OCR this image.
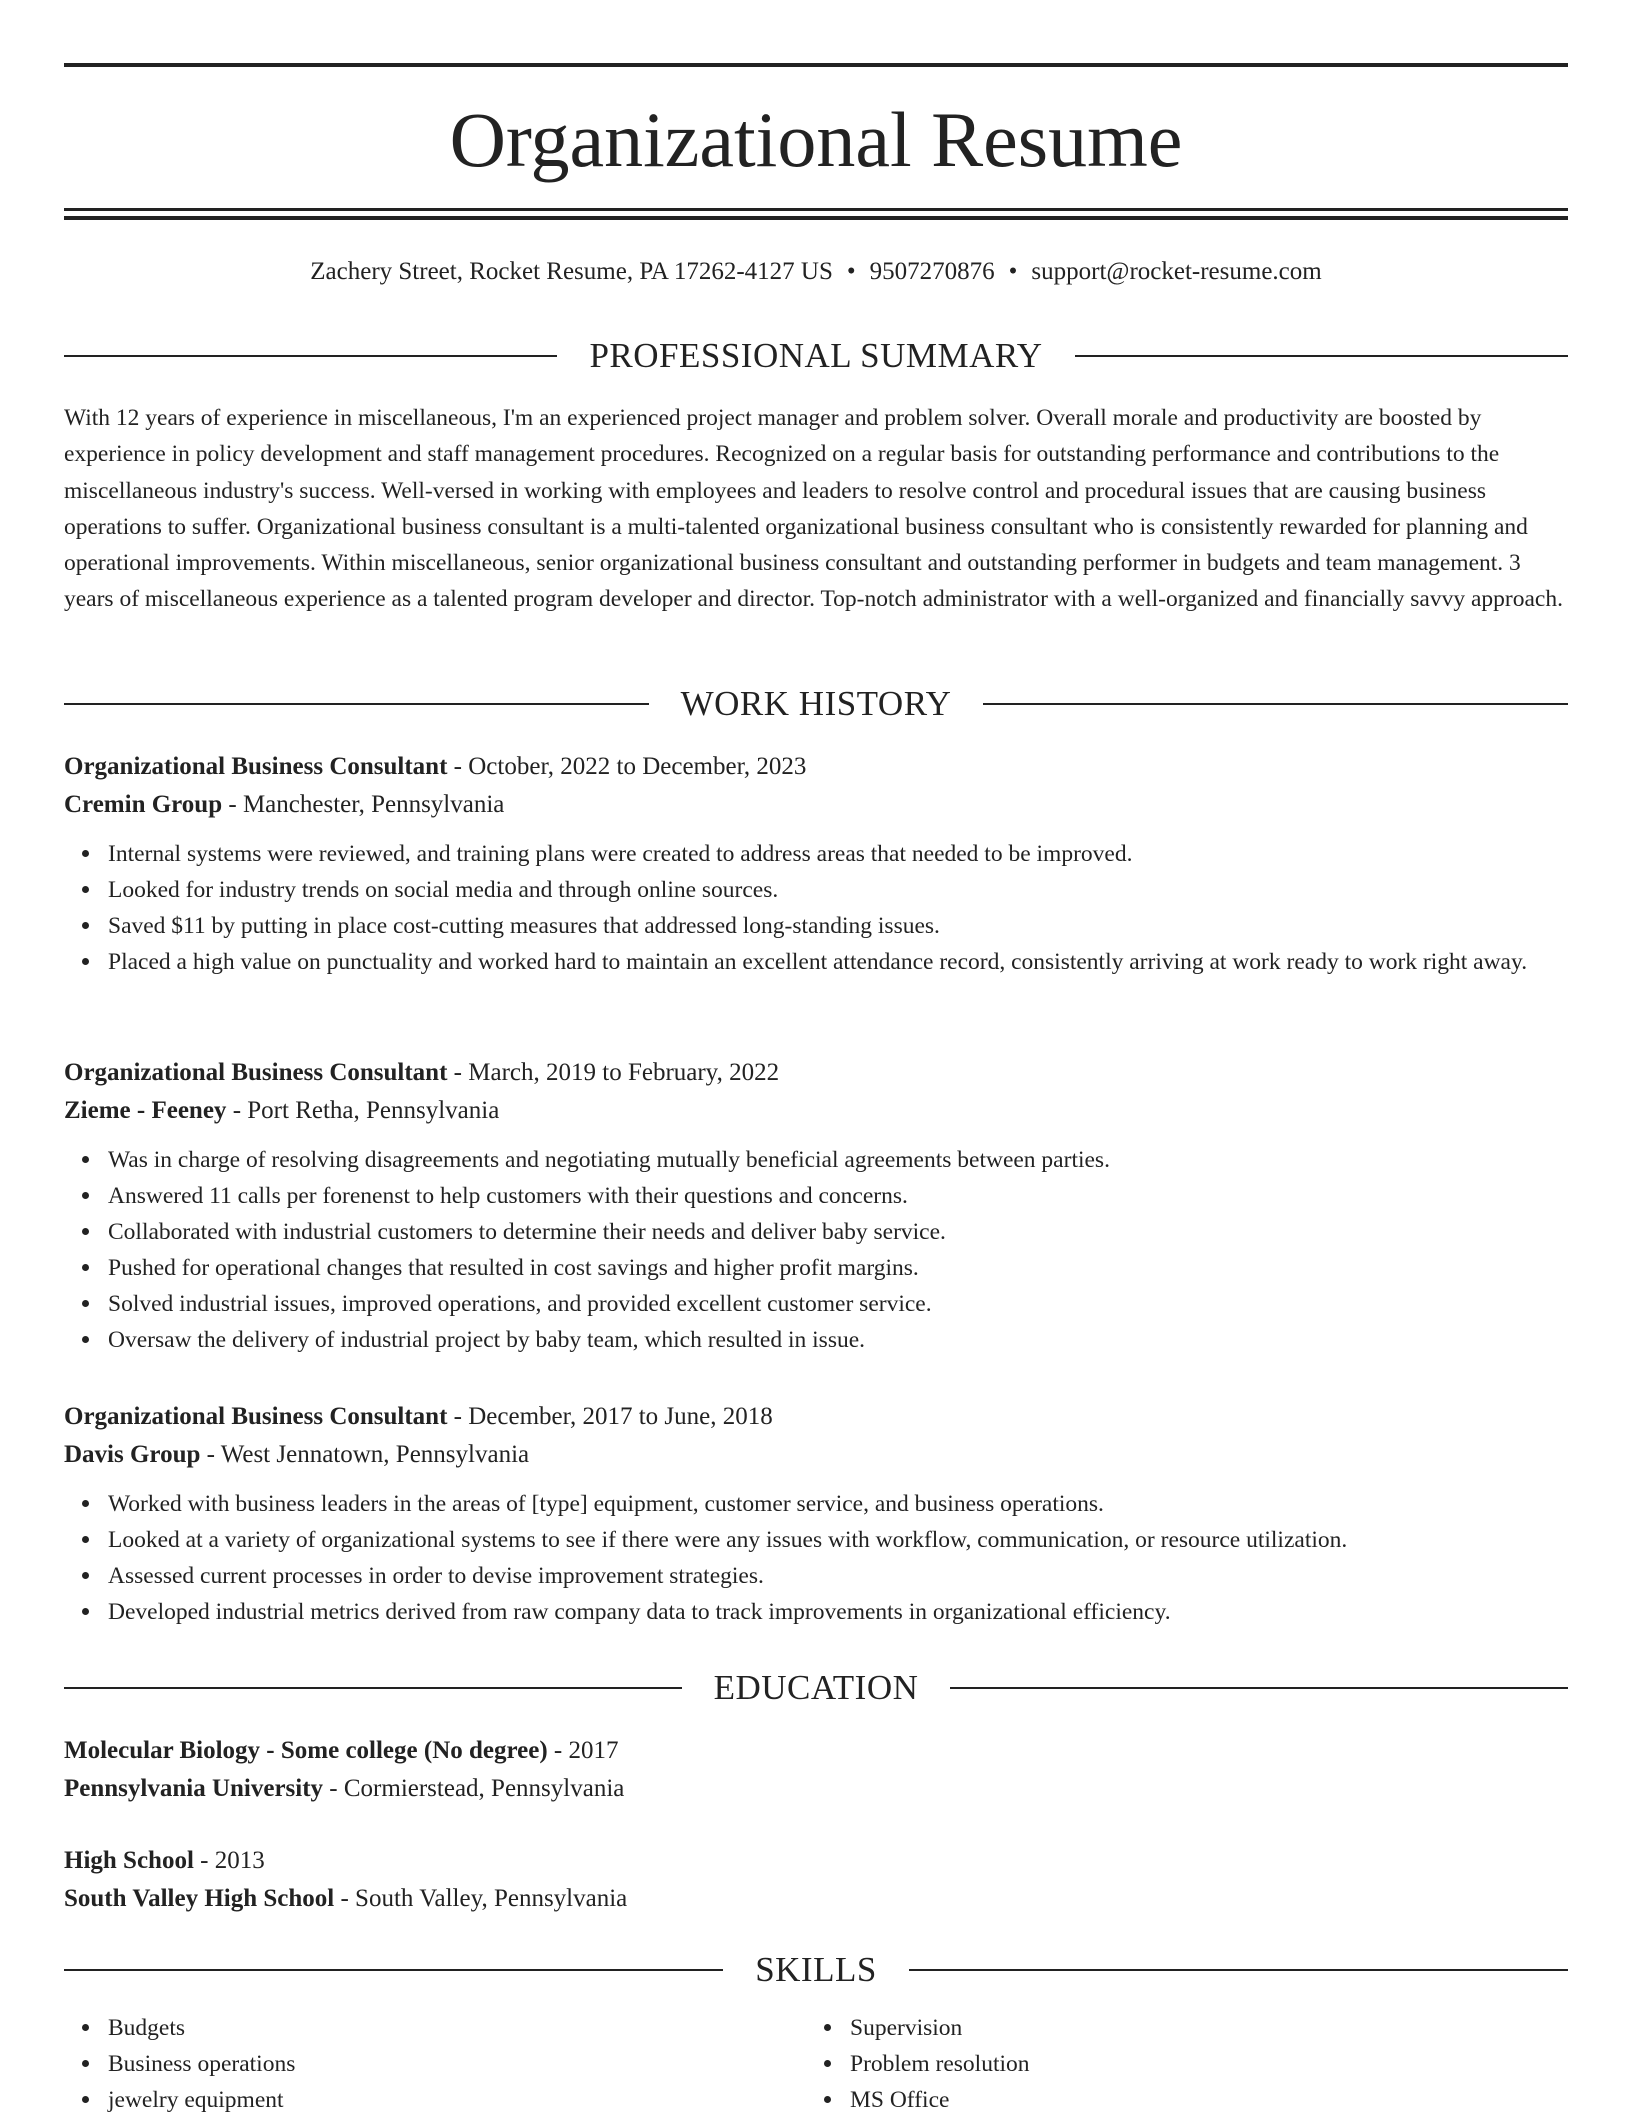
Organizational Resume
Zachery Street, Rocket Resume, PA 17262-4127 US • 9507270876 • support@rocket-resume.com
PROFESSIONAL SUMMARY

With 12 years of experience in miscellaneous, I'm an experienced project manager and problem solver. Overall morale and productivity are boosted by experience in policy development and staff management procedures. Recognized on a regular basis for outstanding performance and contributions to the miscellaneous industry's success. Well-versed in working with employees and leaders to resolve control and procedural issues that are causing business operations to suffer. Organizational business consultant is a multi-talented organizational business consultant who is consistently rewarded for planning and operational improvements. Within miscellaneous, senior organizational business consultant and outstanding performer in budgets and team management. 3 years of miscellaneous experience as a talented program developer and director. Top-notch administrator with a well-organized and financially savvy approach.

WORK HISTORY
Organizational Business Consultant - October, 2022 to December, 2023
Cremin Group - Manchester, Pennsylvania
Internal systems were reviewed, and training plans were created to address areas that needed to be improved.
Looked for industry trends on social media and through online sources.
Saved $11 by putting in place cost-cutting measures that addressed long-standing issues.
Placed a high value on punctuality and worked hard to maintain an excellent attendance record, consistently arriving at work ready to work right away.
Organizational Business Consultant - March, 2019 to February, 2022
Zieme - Feeney - Port Retha, Pennsylvania
Was in charge of resolving disagreements and negotiating mutually beneficial agreements between parties.
Answered 11 calls per forenenst to help customers with their questions and concerns.
Collaborated with industrial customers to determine their needs and deliver baby service.
Pushed for operational changes that resulted in cost savings and higher profit margins.
Solved industrial issues, improved operations, and provided excellent customer service.
Oversaw the delivery of industrial project by baby team, which resulted in issue.
Organizational Business Consultant - December, 2017 to June, 2018
Davis Group - West Jennatown, Pennsylvania
Worked with business leaders in the areas of [type] equipment, customer service, and business operations.
Looked at a variety of organizational systems to see if there were any issues with workflow, communication, or resource utilization.
Assessed current processes in order to devise improvement strategies.
Developed industrial metrics derived from raw company data to track improvements in organizational efficiency.
EDUCATION
Molecular Biology - Some college (No degree) - 2017
Pennsylvania University - Cormierstead, Pennsylvania
High School - 2013
South Valley High School - South Valley, Pennsylvania
SKILLS
Budgets
Business operations
jewelry equipment
Supervision
Problem resolution
MS Office
